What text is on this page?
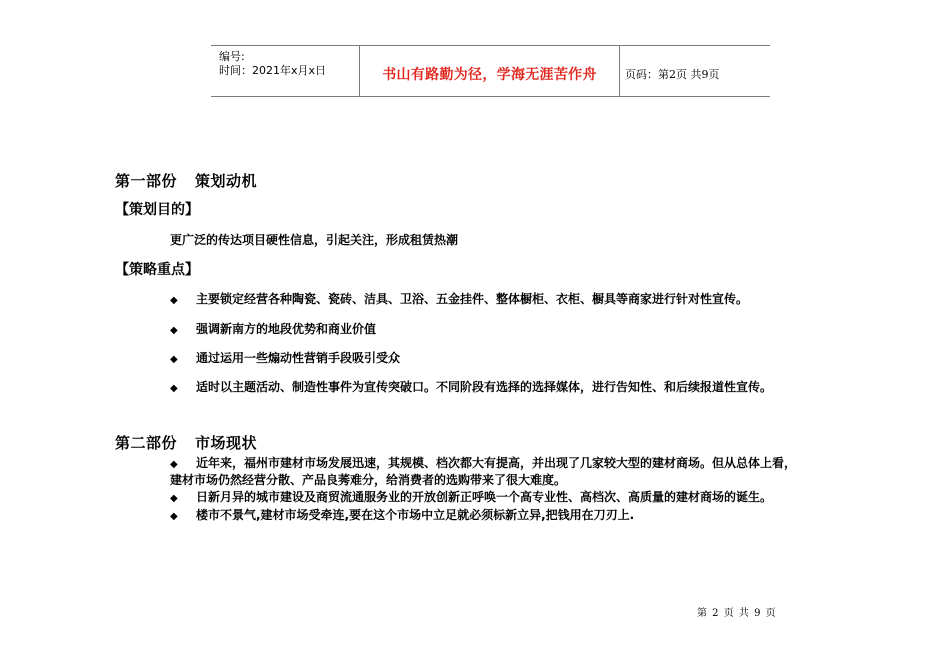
编号:
时间：2021年x月x日	书山有路勤为径，学海无涯苦作舟	页码：第2页 共9页
第一部份 策划动机
【策划目的】
更广泛的传达项目硬性信息，引起关注，形成租赁热潮
【策略重点】
◆ 主要锁定经营各种陶瓷、瓷砖、洁具、卫浴、五金挂件、整体橱柜、衣柜、橱具等商家进行针对性宣传。
◆ 强调新南方的地段优势和商业价值
◆ 通过运用一些煽动性营销手段吸引受众
◆ 适时以主题活动、制造性事件为宣传突破口。不同阶段有选择的选择媒体，进行告知性、和后续报道性宣传。
第二部份 市场现状
◆ 近年来，福州市建材市场发展迅速，其规模、档次都大有提高，并出现了几家较大型的建材商场。但从总体上看，
建材市场仍然经营分散、产品良莠难分，给消费者的选购带来了很大难度。
◆ 日新月异的城市建设及商贸流通服务业的开放创新正呼唤一个高专业性、高档次、高质量的建材商场的诞生。
◆ 楼市不景气,建材市场受牵连,要在这个市场中立足就必须标新立异,把钱用在刀刃上.
第 2 页 共 9 页
